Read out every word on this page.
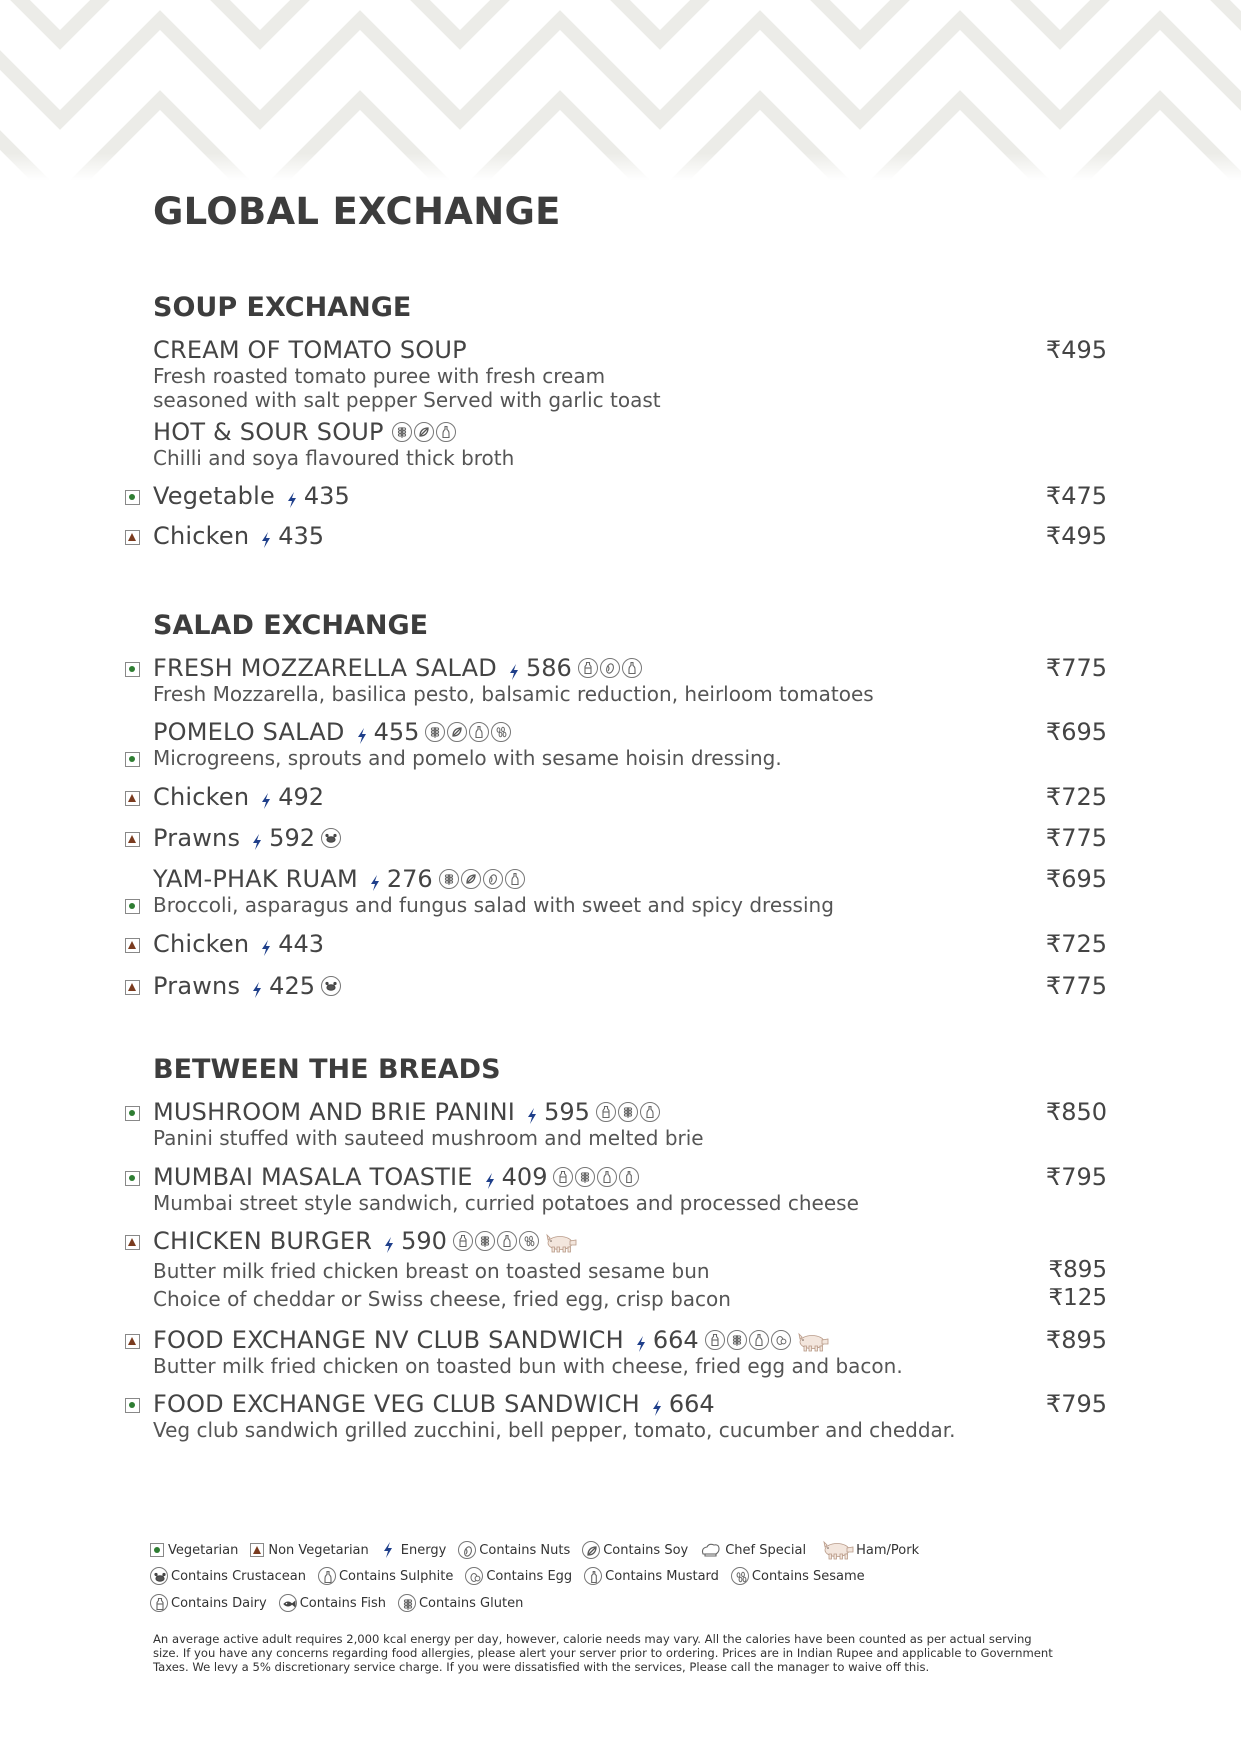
GLOBAL EXCHANGE
SOUP EXCHANGE
CREAM OF TOMATO SOUP	₹495
Fresh roasted tomato puree with fresh cream
seasoned with salt pepper Served with garlic toast
HOT & SOUR SOUP
Chilli and soya flavoured thick broth
Vegetable 435	₹475
Chicken 435	₹495
SALAD EXCHANGE
FRESH MOZZARELLA SALAD 586	₹775
Fresh Mozzarella, basilica pesto, balsamic reduction, heirloom tomatoes
POMELO SALAD 455	₹695
Microgreens, sprouts and pomelo with sesame hoisin dressing.
Chicken 492	₹725
Prawns 592	₹775
YAM-PHAK RUAM 276	₹695
Broccoli, asparagus and fungus salad with sweet and spicy dressing
Chicken 443	₹725
Prawns 425	₹775
BETWEEN THE BREADS
MUSHROOM AND BRIE PANINI 595	₹850
Panini stuffed with sauteed mushroom and melted brie
MUMBAI MASALA TOASTIE 409	₹795
Mumbai street style sandwich, curried potatoes and processed cheese
CHICKEN BURGER 590
Butter milk fried chicken breast on toasted sesame bun	₹895
Choice of cheddar or Swiss cheese, fried egg, crisp bacon	₹125
FOOD EXCHANGE NV CLUB SANDWICH 664	₹895
Butter milk fried chicken on toasted bun with cheese, fried egg and bacon.
FOOD EXCHANGE VEG CLUB SANDWICH 664	₹795
Veg club sandwich grilled zucchini, bell pepper, tomato, cucumber and cheddar.
Vegetarian Non Vegetarian Energy	Contains Nuts	Contains Soy	Chef Special	Ham/Pork
Contains Crustacean	Contains Sulphite	Contains Egg	Contains Mustard	Contains Sesame
Contains Dairy	Contains Fish	Contains Gluten

An average active adult requires 2,000 kcal energy per day, however, calorie needs may vary. All the calories have been counted as per actual serving size. If you have any concerns regarding food allergies, please alert your server prior to ordering. Prices are in Indian Rupee and applicable to Government Taxes. We levy a 5% discretionary service charge. If you were dissatisfied with the services, Please call the manager to waive off this.
